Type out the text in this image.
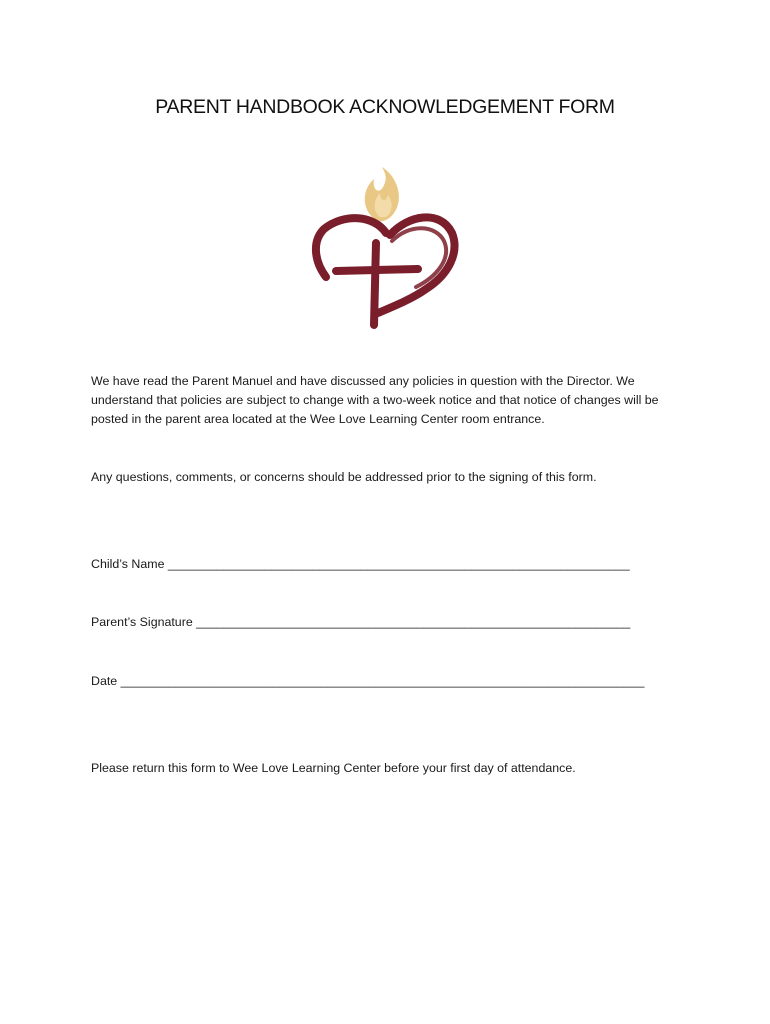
PARENT HANDBOOK ACKNOWLEDGEMENT FORM
We have read the Parent Manuel and have discussed any policies in question with the Director. We understand that policies are subject to change with a two-week notice and that notice of changes will be posted in the parent area located at the Wee Love Learning Center room entrance.
Any questions, comments, or concerns should be addressed prior to the signing of this form.
Child’s Name ___________________________________________________________________
Parent’s Signature _______________________________________________________________
Date ____________________________________________________________________________
Please return this form to Wee Love Learning Center before your first day of attendance.
